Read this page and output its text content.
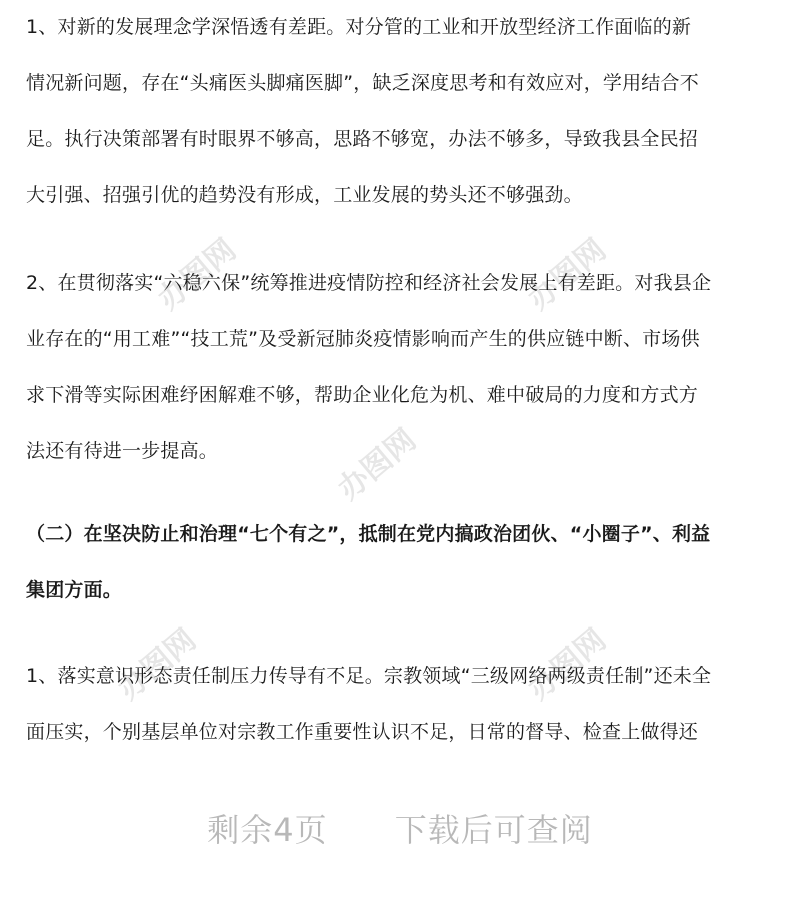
办图网	办图网
办图网
办图网	办图网
1、对新的发展理念学深悟透有差距。对分管的工业和开放型经济工作面临的新
情况新问题，存在“头痛医头脚痛医脚”，缺乏深度思考和有效应对，学用结合不
足。执行决策部署有时眼界不够高，思路不够宽，办法不够多，导致我县全民招
大引强、招强引优的趋势没有形成，工业发展的势头还不够强劲。
2、在贯彻落实“六稳六保”统筹推进疫情防控和经济社会发展上有差距。对我县企
业存在的“用工难”“技工荒”及受新冠肺炎疫情影响而产生的供应链中断、市场供
求下滑等实际困难纾困解难不够，帮助企业化危为机、难中破局的力度和方式方
法还有待进一步提高。
（二）在坚决防止和治理“七个有之”，抵制在党内搞政治团伙、“小圈子”、利益
集团方面。
1、落实意识形态责任制压力传导有不足。宗教领域“三级网络两级责任制”还未全
面压实，个别基层单位对宗教工作重要性认识不足，日常的督导、检查上做得还
剩余4页 下载后可查阅
